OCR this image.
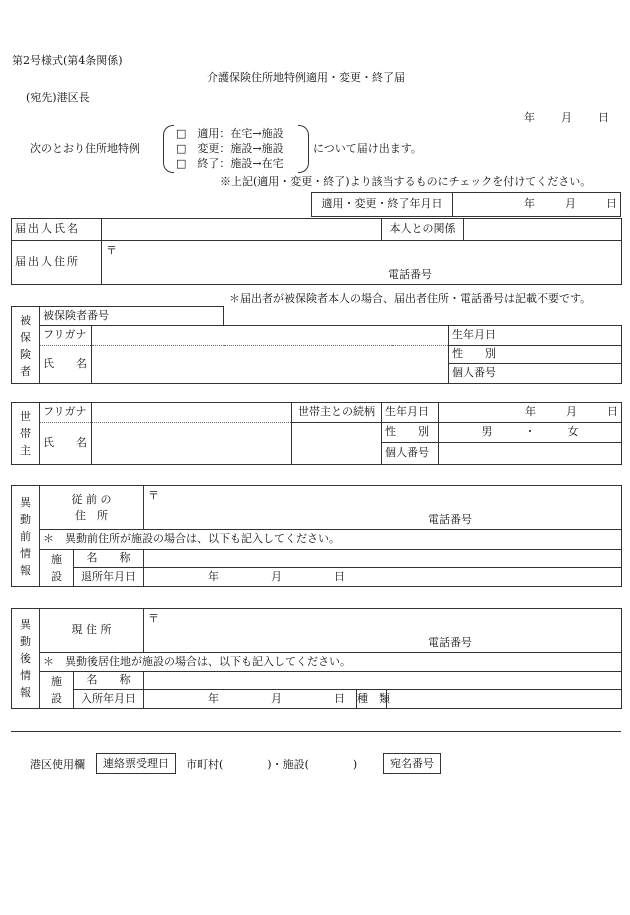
第2号様式(第4条関係)
介護保険住所地特例適用・変更・終了届
(宛先)港区長
年 月 日
次のとおり住所地特例
□　適用：在宅→施設
□　変更：施設→施設
□　終了：施設→在宅
について届け出ます。
※上記(適用・変更・終了)より該当するものにチェックを付けてください。
適用・変更・終了年月日	年	月	日
届出人氏名		本人との関係	
届出人住所	〒
電話番号		
＊届出者が被保険者本人の場合、届出者住所・電話番号は記載不要です。
被
保
険
者	被保険者番号					
	フリガナ				生年月日	
	氏　　名				性　　別	
					個人番号	
世
帯
主	フリガナ		世帯主との続柄	生年月日	年 月 日
	氏　　名			性　　別	男 ・ 女
				個人番号	
異
動
前
情
報	従 前 の
住　所		〒
電話番号

	＊　異動前住所が施設の場合は、以下も記入してください。		
	施
設	名　　称	
		退所年月日	年 月 日
異
動
後
情
報	現 住 所		〒
電話番号		

	＊　異動後居住地が施設の場合は、以下も記入してください。				
	施
設	名　　称			
		入所年月日	年 月 日	種　類	
港区使用欄	連絡票受理日	市町村(　　　　)・施設(　　　　)	宛名番号
